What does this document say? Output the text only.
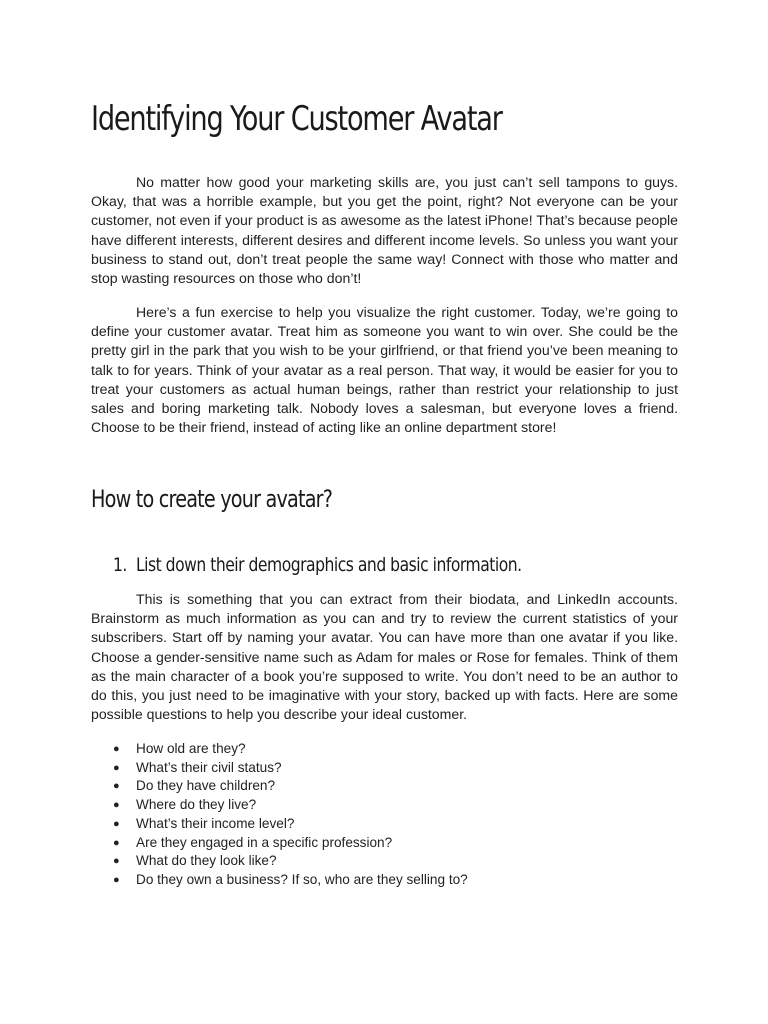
Identifying Your Customer Avatar

No matter how good your marketing skills are, you just can’t sell tampons to guys. Okay, that was a horrible example, but you get the point, right? Not everyone can be your customer, not even if your product is as awesome as the latest iPhone! That’s because people have different interests, different desires and different income levels. So unless you want your business to stand out, don’t treat people the same way! Connect with those who matter and stop wasting resources on those who don’t!

Here’s a fun exercise to help you visualize the right customer. Today, we’re going to define your customer avatar. Treat him as someone you want to win over. She could be the pretty girl in the park that you wish to be your girlfriend, or that friend you’ve been meaning to talk to for years. Think of your avatar as a real person. That way, it would be easier for you to treat your customers as actual human beings, rather than restrict your relationship to just sales and boring marketing talk. Nobody loves a salesman, but everyone loves a friend. Choose to be their friend, instead of acting like an online department store!

How to create your avatar?
1. List down their demographics and basic information.

This is something that you can extract from their biodata, and LinkedIn accounts. Brainstorm as much information as you can and try to review the current statistics of your subscribers. Start off by naming your avatar. You can have more than one avatar if you like. Choose a gender-sensitive name such as Adam for males or Rose for females. Think of them as the main character of a book you’re supposed to write. You don’t need to be an author to do this, you just need to be imaginative with your story, backed up with facts. Here are some possible questions to help you describe your ideal customer.

● How old are they?
● What’s their civil status?
● Do they have children?
● Where do they live?
● What’s their income level?
● Are they engaged in a specific profession?
● What do they look like?
● Do they own a business? If so, who are they selling to?
